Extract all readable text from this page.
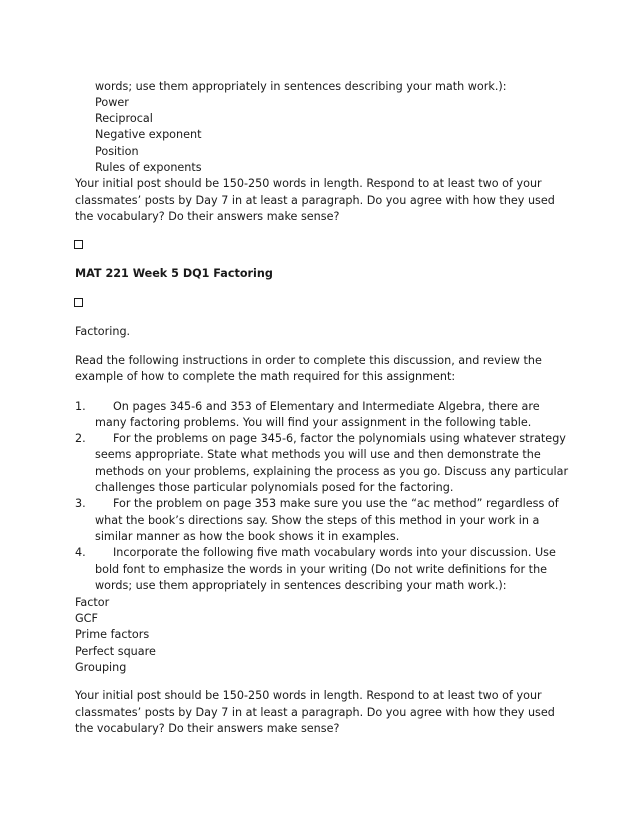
words; use them appropriately in sentences describing your math work.):
Power
Reciprocal
Negative exponent
Position
Rules of exponents
Your initial post should be 150-250 words in length. Respond to at least two of your
classmates’ posts by Day 7 in at least a paragraph. Do you agree with how they used
the vocabulary? Do their answers make sense?
MAT 221 Week 5 DQ1 Factoring
Factoring.
Read the following instructions in order to complete this discussion, and review the
example of how to complete the math required for this assignment:
1. On pages 345-6 and 353 of Elementary and Intermediate Algebra, there are
many factoring problems. You will find your assignment in the following table.
2. For the problems on page 345-6, factor the polynomials using whatever strategy
seems appropriate. State what methods you will use and then demonstrate the
methods on your problems, explaining the process as you go. Discuss any particular
challenges those particular polynomials posed for the factoring.
3. For the problem on page 353 make sure you use the “ac method” regardless of
what the book’s directions say. Show the steps of this method in your work in a
similar manner as how the book shows it in examples.
4. Incorporate the following five math vocabulary words into your discussion. Use
bold font to emphasize the words in your writing (Do not write definitions for the
words; use them appropriately in sentences describing your math work.):
Factor
GCF
Prime factors
Perfect square
Grouping
Your initial post should be 150-250 words in length. Respond to at least two of your
classmates’ posts by Day 7 in at least a paragraph. Do you agree with how they used
the vocabulary? Do their answers make sense?
